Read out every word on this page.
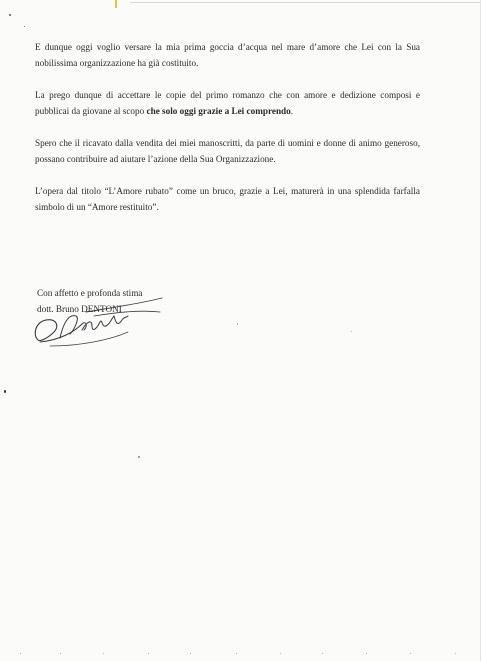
E dunque oggi voglio versare la mia prima goccia d’acqua nel mare d’amore che Lei con la Sua nobilissima organizzazione ha già costituito.

La prego dunque di accettare le copie del primo romanzo che con amore e dedizione composi e pubblicai da giovane al scopo che solo oggi grazie a Lei comprendo.

Spero che il ricavato dalla vendita dei miei manoscritti, da parte di uomini e donne di animo generoso, possano contribuire ad aiutare l’azione della Sua Organizzazione.

L’opera dal titolo “L’Amore rubato” come un bruco, grazie a Lei, maturerà in una splendida farfalla simbolo di un “Amore restituito”.

Con affetto e profonda stima
dott. Bruno DENTONI
